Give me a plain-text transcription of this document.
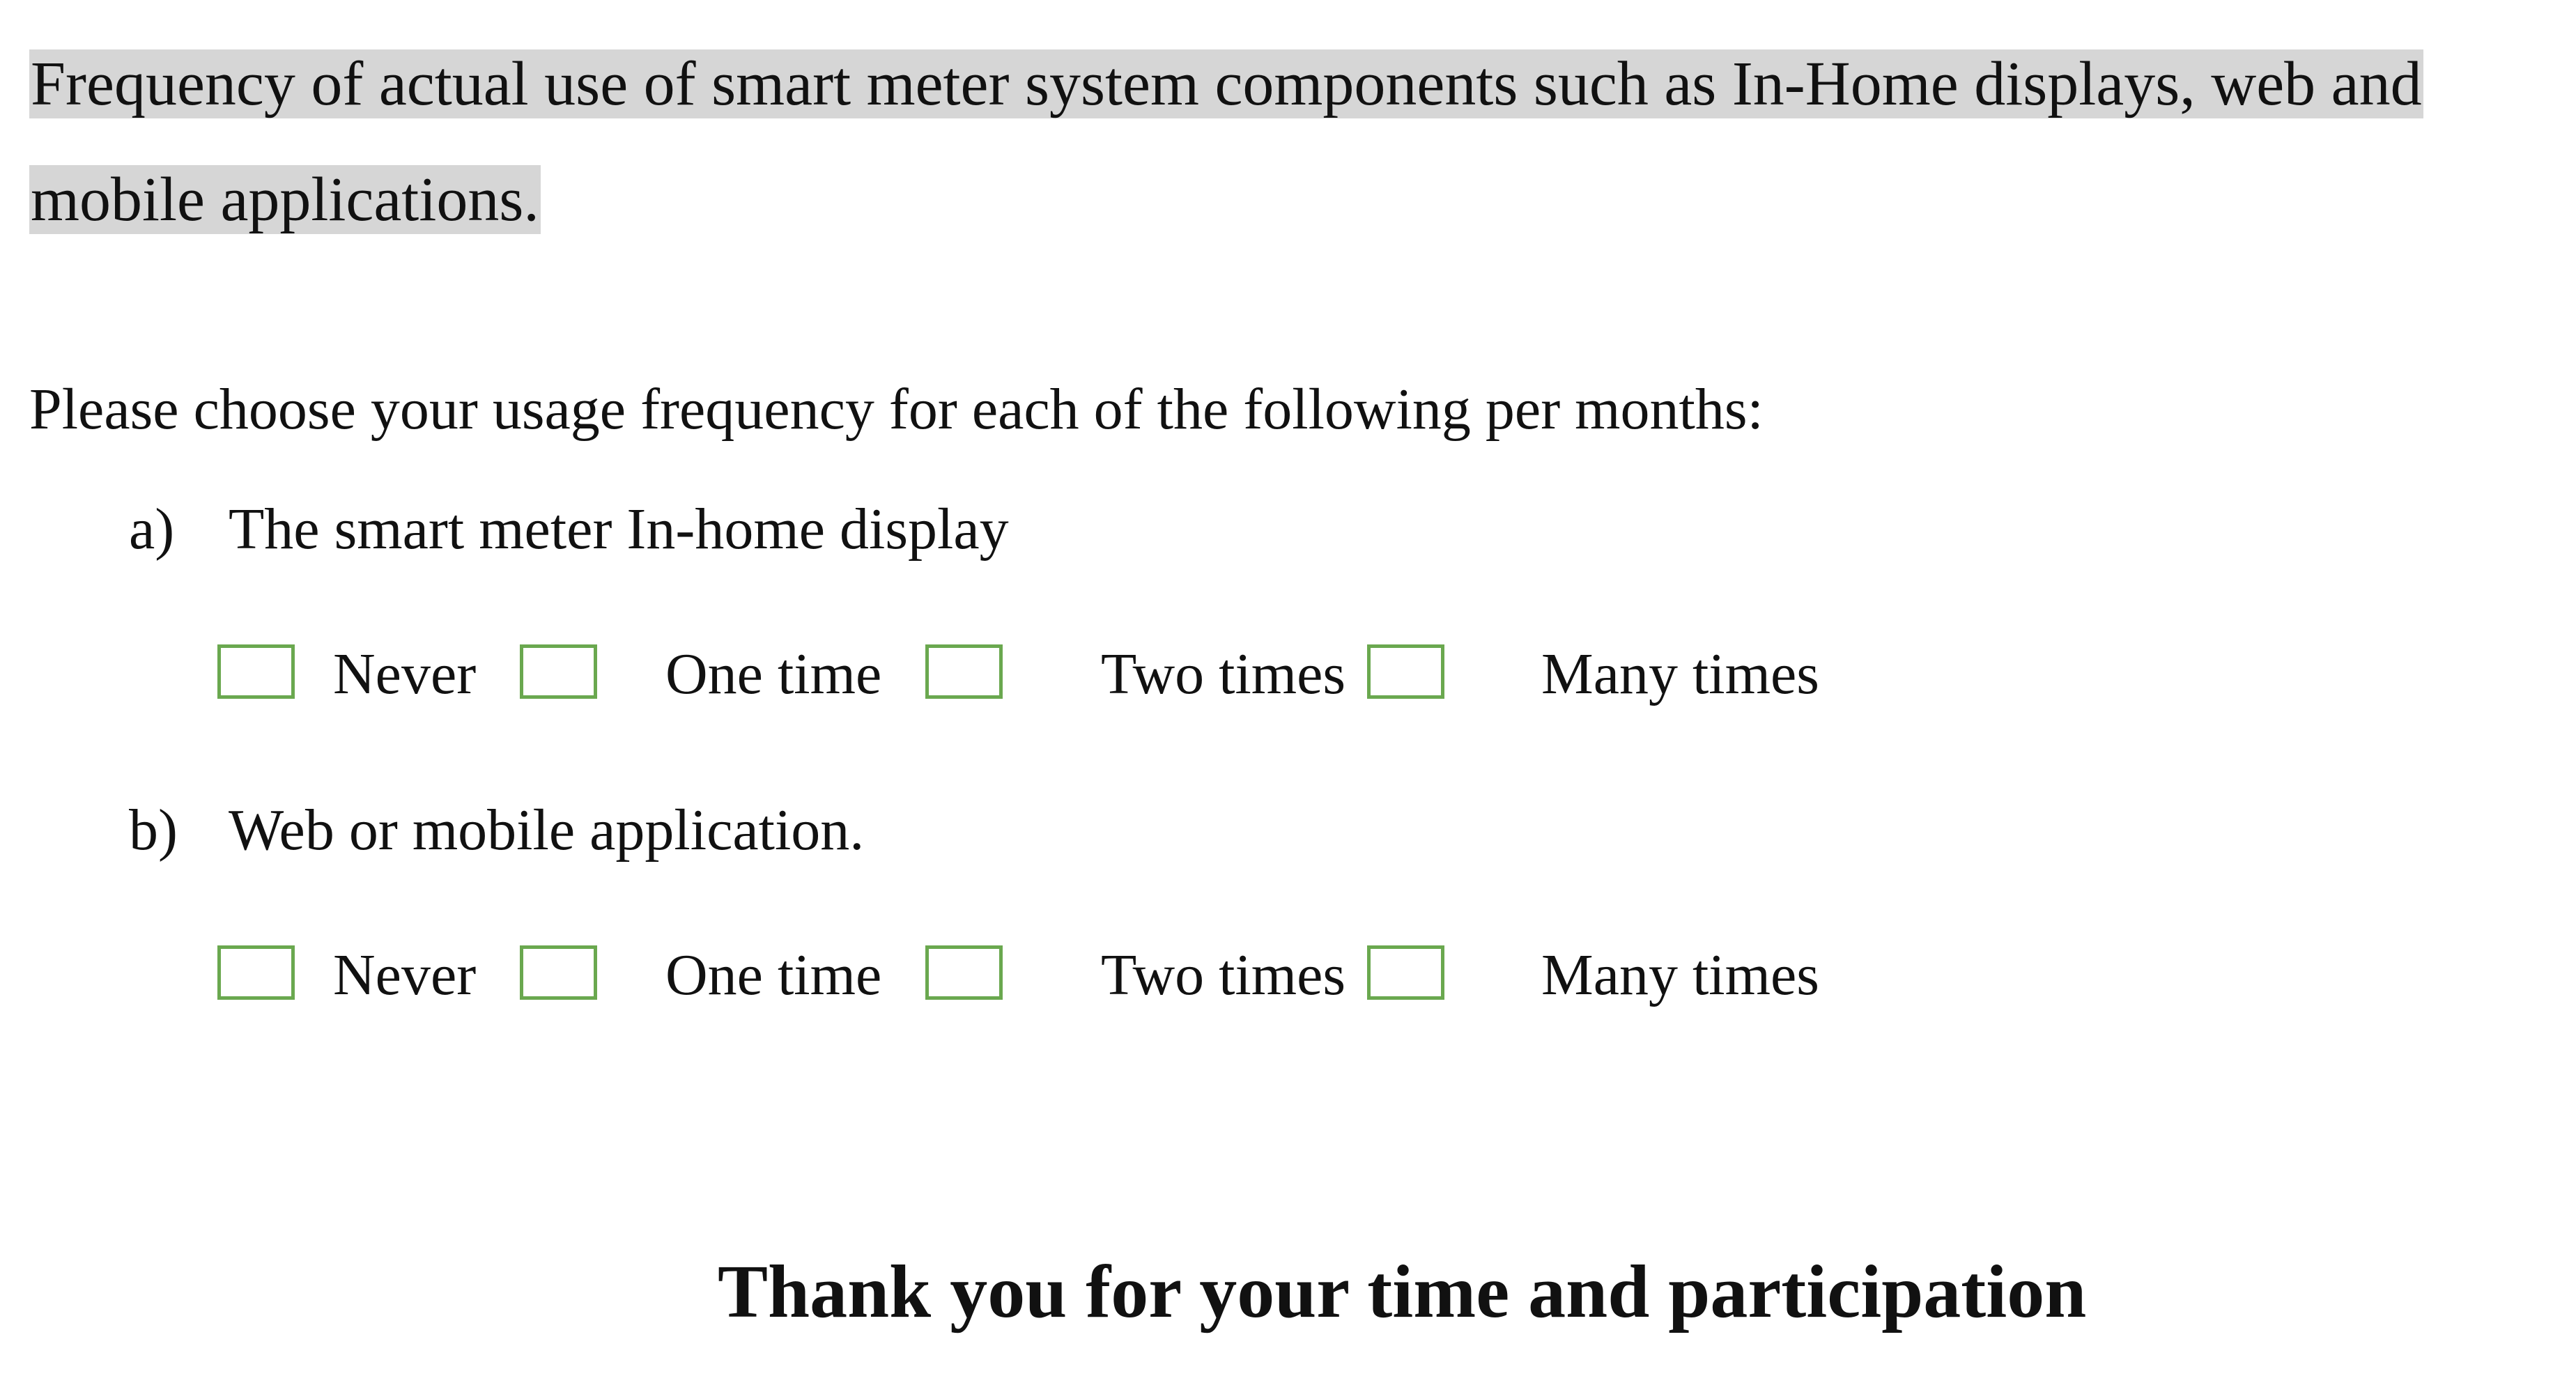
Frequency of actual use of smart meter system components such as In-Home displays, web and
mobile applications.
Please choose your usage frequency for each of the following per months:
a) The smart meter In-home display
Never	One time	Two times	Many times
b) Web or mobile application.
Never	One time	Two times	Many times
Thank you for your time and participation
